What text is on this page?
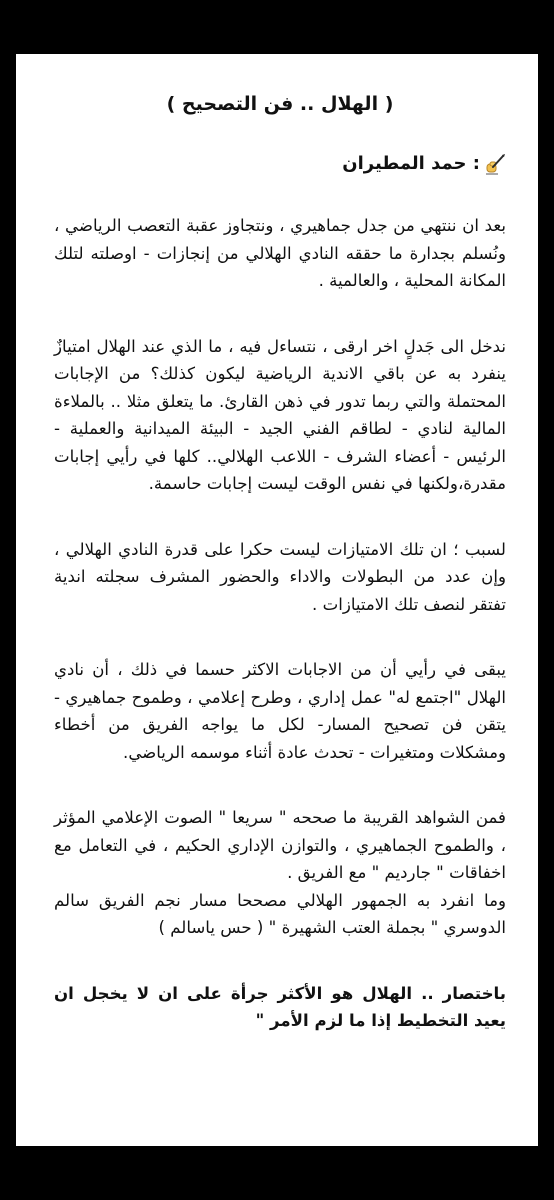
( الهلال .. فن التصحيح )
: حمد المطيران

بعد ان ننتهي من جدل جماهيري ، ونتجاوز عقبة التعصب الرياضي ، ونُسلم بجدارة ما حققه النادي الهلالي من إنجازات - اوصلته لتلك المكانة المحلية ، والعالمية .

ندخل الى جَدلٍ اخر ارقى ، نتساءل فيه ، ما الذي عند الهلال امتيازٌ ينفرد به عن باقي الاندية الرياضية ليكون كذلك؟ من الإجابات المحتملة والتي ربما تدور في ذهن القارئ. ما يتعلق مثلا .. بالملاءة المالية لنادي - لطاقم الفني الجيد - البيئة الميدانية والعملية - الرئيس - أعضاء الشرف - اللاعب الهلالي.. كلها في رأيي إجابات مقدرة،ولكنها في نفس الوقت ليست إجابات حاسمة.

لسبب ؛ ان تلك الامتيازات ليست حكرا على قدرة النادي الهلالي ، وإن عدد من البطولات والاداء والحضور المشرف سجلته اندية تفتقر لنصف تلك الامتيازات .

يبقى في رأيي أن من الاجابات الاكثر حسما في ذلك ، أن نادي الهلال "اجتمع له" عمل إداري ، وطرح إعلامي ، وطموح جماهيري - يتقن فن تصحيح المسار- لكل ما يواجه الفريق من أخطاء ومشكلات ومتغيرات - تحدث عادة أثناء موسمه الرياضي.

فمن الشواهد القريبة ما صححه " سريعا " الصوت الإعلامي المؤثر ، والطموح الجماهيري ، والتوازن الإداري الحكيم ، في التعامل مع اخفاقات " جارديم " مع الفريق .

وما انفرد به الجمهور الهلالي مصححا مسار نجم الفريق سالم الدوسري " بجملة العتب الشهيرة " ( حس ياسالم )

باختصار .. الهلال هو الأكثر جرأة على ان لا يخجل ان يعيد التخطيط إذا ما لزم الأمر "
